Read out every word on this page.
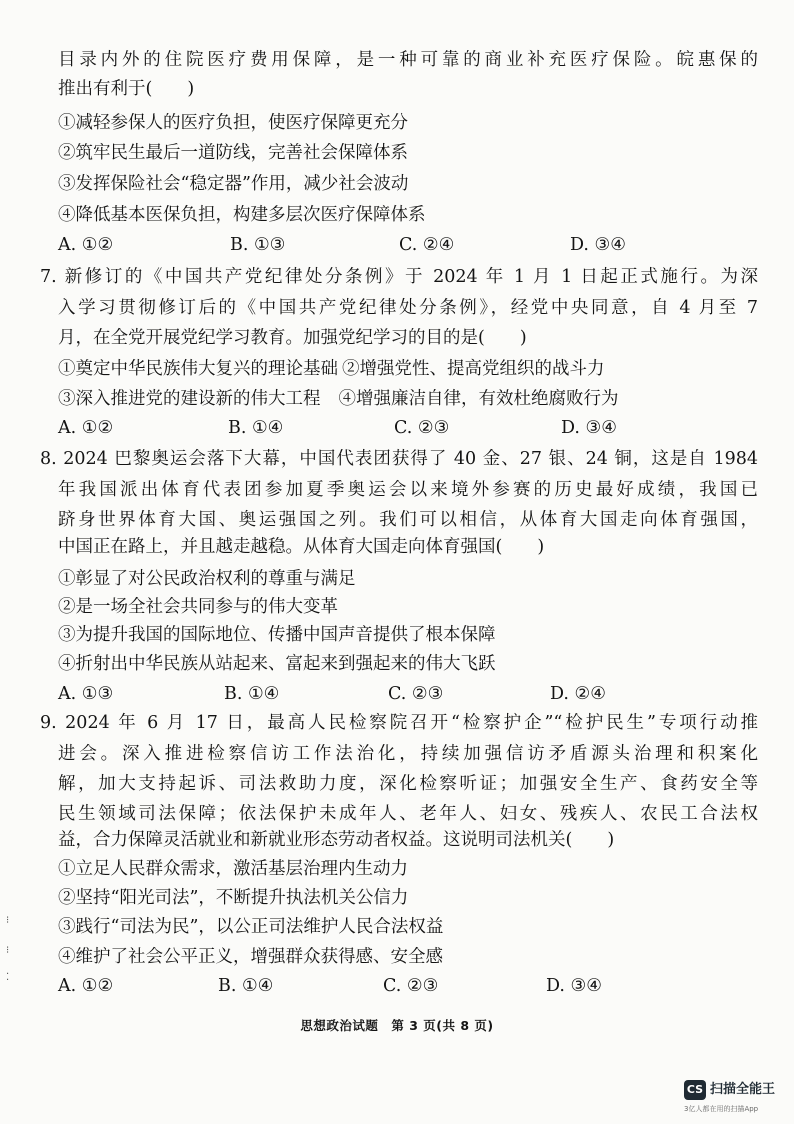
目录内外的住院医疗费用保障，是一种可靠的商业补充医疗保险。皖惠保的
推出有利于(　　)
①减轻参保人的医疗负担，使医疗保障更充分
②筑牢民生最后一道防线，完善社会保障体系
③发挥保险社会“稳定器”作用，减少社会波动
④降低基本医保负担，构建多层次医疗保障体系
A. ①②	B. ①③	C. ②④	D. ③④
7. 新修订的《中国共产党纪律处分条例》于 2024 年 1 月 1 日起正式施行。为深
入学习贯彻修订后的《中国共产党纪律处分条例》，经党中央同意，自 4 月至 7
月，在全党开展党纪学习教育。加强党纪学习的目的是(　　)
①奠定中华民族伟大复兴的理论基础 ②增强党性、提高党组织的战斗力
③深入推进党的建设新的伟大工程 ④增强廉洁自律，有效杜绝腐败行为
A. ①②	B. ①④	C. ②③	D. ③④
8. 2024 巴黎奥运会落下大幕，中国代表团获得了 40 金、27 银、24 铜，这是自 1984
年我国派出体育代表团参加夏季奥运会以来境外参赛的历史最好成绩，我国已
跻身世界体育大国、奥运强国之列。我们可以相信，从体育大国走向体育强国，
中国正在路上，并且越走越稳。从体育大国走向体育强国(　　)
①彰显了对公民政治权利的尊重与满足
②是一场全社会共同参与的伟大变革
③为提升我国的国际地位、传播中国声音提供了根本保障
④折射出中华民族从站起来、富起来到强起来的伟大飞跃
A. ①③	B. ①④	C. ②③	D. ②④
9. 2024 年 6 月 17 日，最高人民检察院召开“检察护企”“检护民生”专项行动推
进会。深入推进检察信访工作法治化，持续加强信访矛盾源头治理和积案化
解，加大支持起诉、司法救助力度，深化检察听证；加强安全生产、食药安全等
民生领域司法保障；依法保护未成年人、老年人、妇女、残疾人、农民工合法权
益，合力保障灵活就业和新就业形态劳动者权益。这说明司法机关(　　)
①立足人民群众需求，激活基层治理内生动力
②坚持“阳光司法”，不断提升执法机关公信力
③践行“司法为民”，以公正司法维护人民合法权益
④维护了社会公平正义，增强群众获得感、安全感
A. ①②	B. ①④	C. ②③	D. ③④
思想政治试题　第 3 页(共 8 页)
CS 扫描全能王
3亿人都在用的扫描App
⁝
⁝
⁚
